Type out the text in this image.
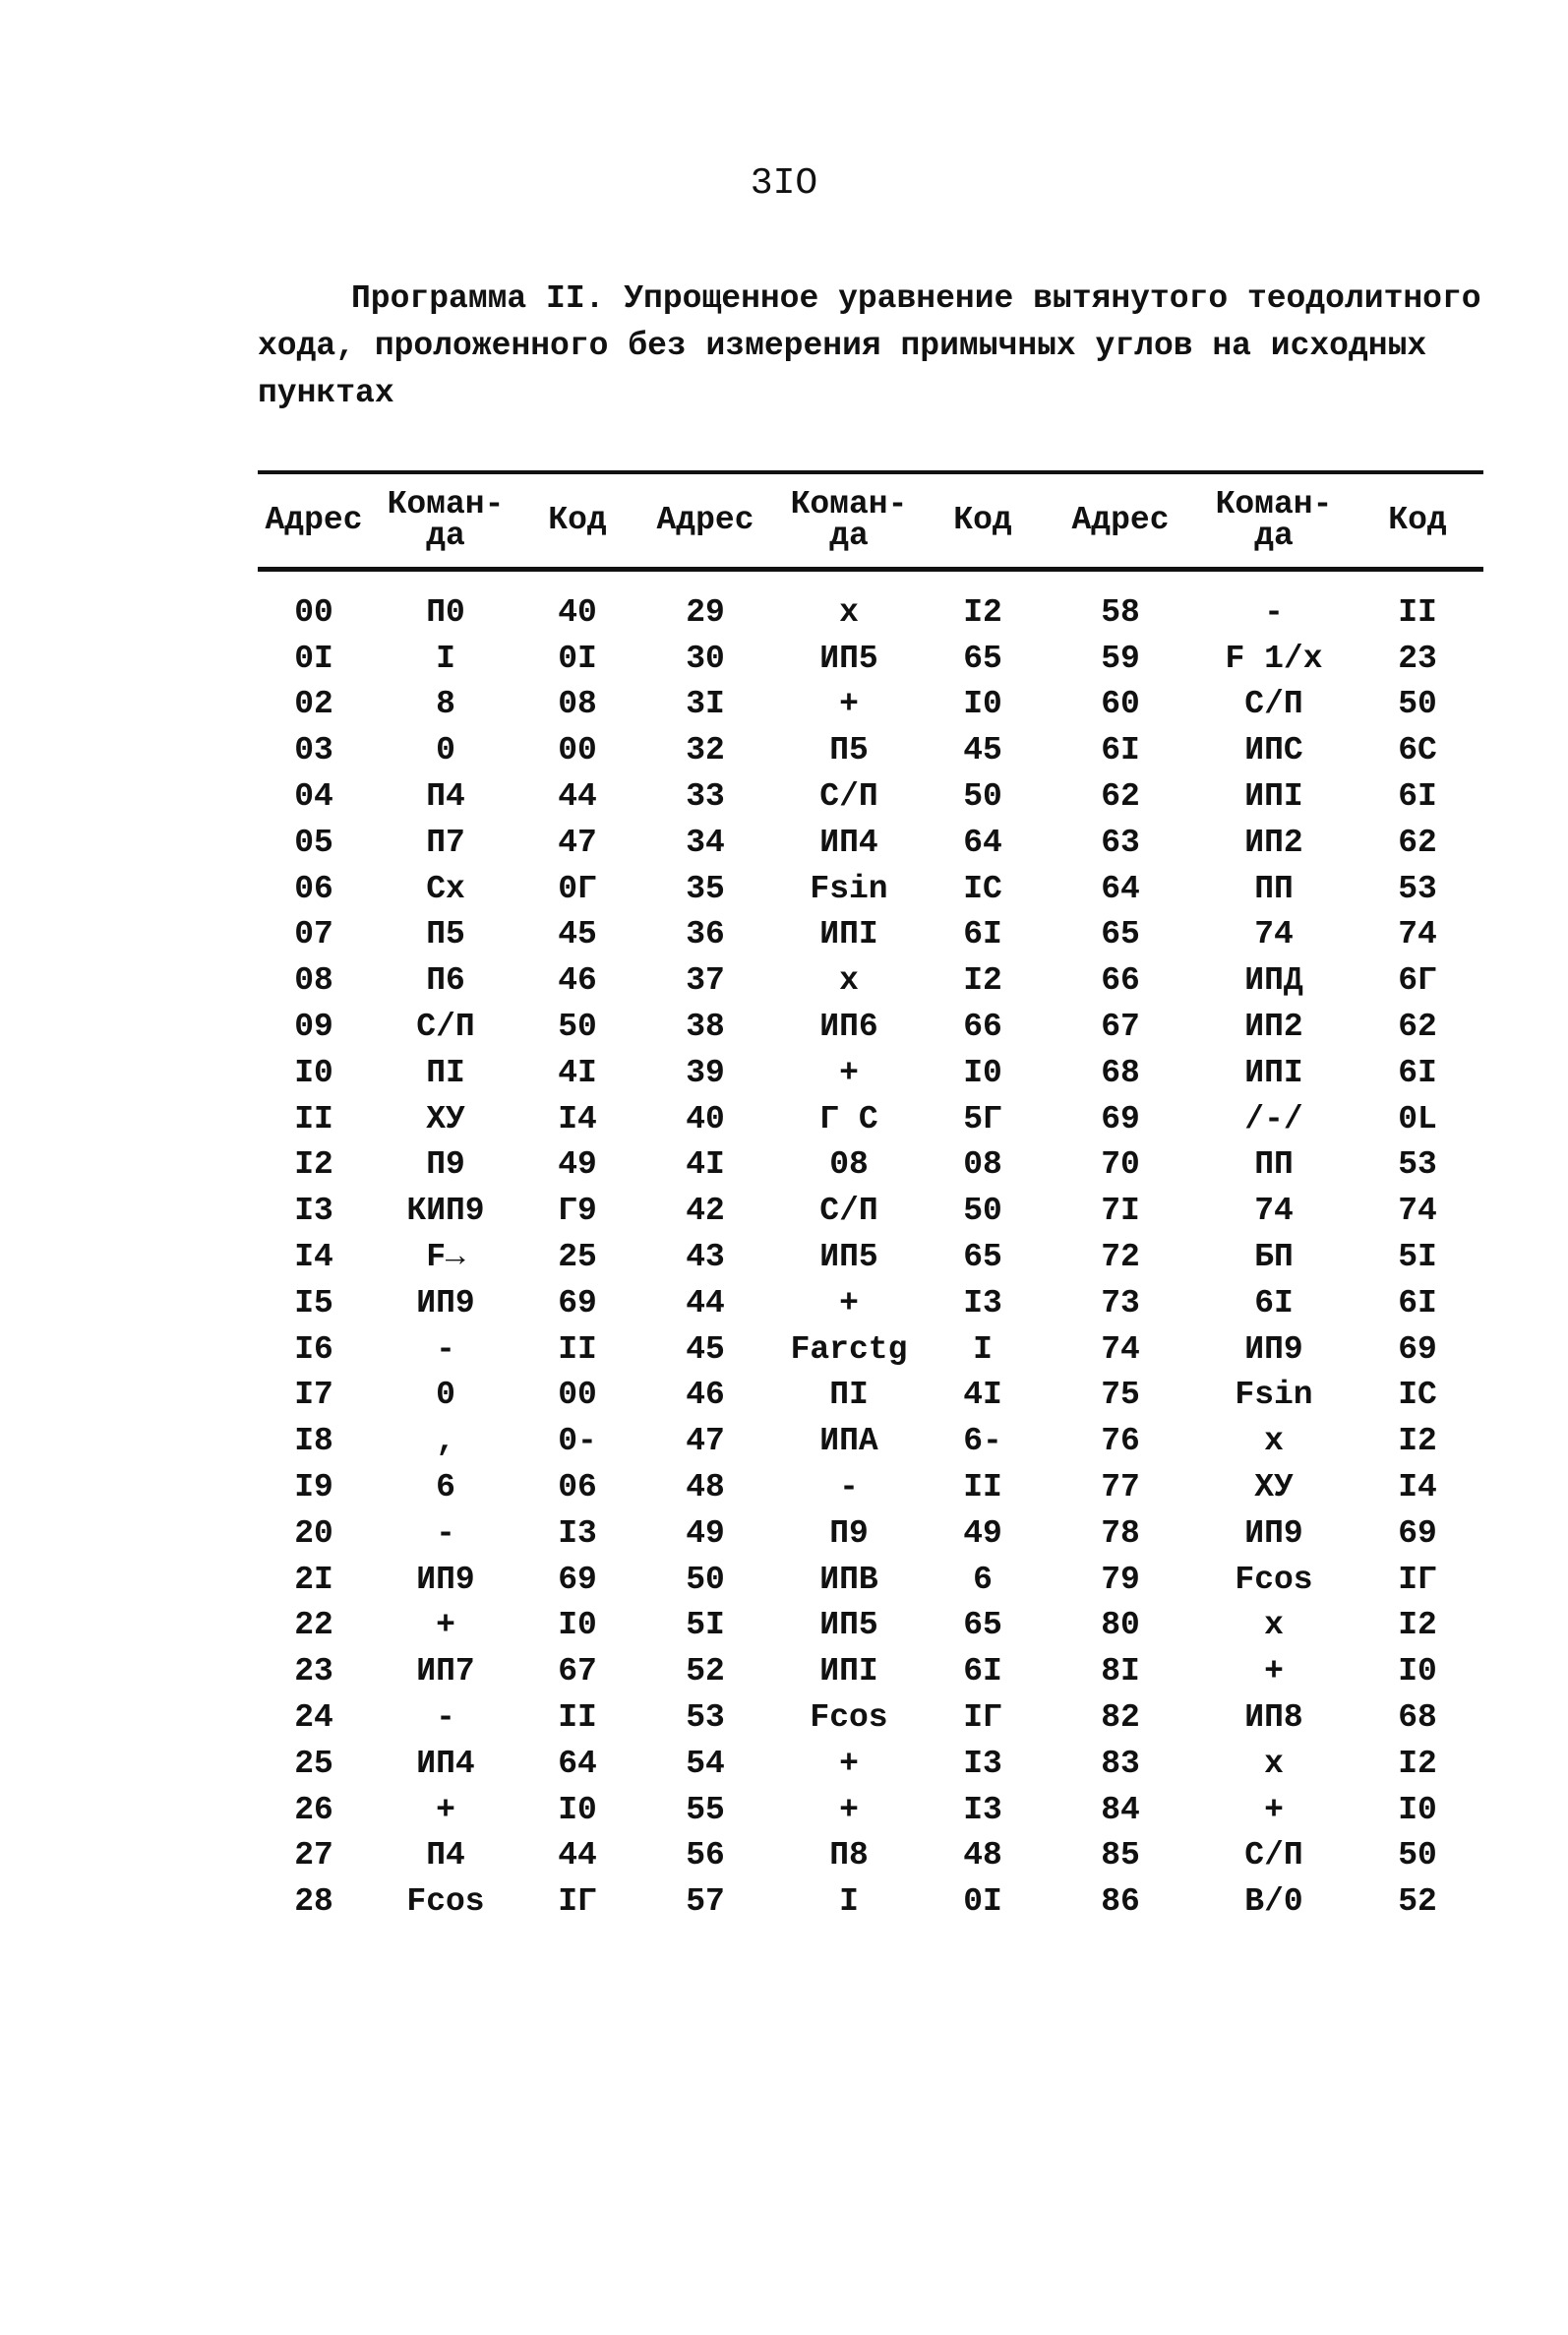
3IO
Программа II. Упрощенное уравнение вытянутого теодолитного
хода, проложенного без измерения примычных углов на исходных
пунктах
Адрес	Коман- да	Код	Адрес	Коман- да	Код	Адрес	Коман- да	Код

00	П0	40	29	x	I2	58	-	II
0I	I	0I	30	ИП5	65	59	F 1/x	23
02	8	08	3I	+	I0	60	С/П	50
03	0	00	32	П5	45	6I	ИПС	6С
04	П4	44	33	С/П	50	62	ИПI	6I
05	П7	47	34	ИП4	64	63	ИП2	62
06	Сх	0Г	35	Fsin	IС	64	ПП	53
07	П5	45	36	ИПI	6I	65	74	74
08	П6	46	37	x	I2	66	ИПД	6Г
09	С/П	50	38	ИП6	66	67	ИП2	62
I0	ПI	4I	39	+	I0	68	ИПI	6I
II	ХУ	I4	40	Г С	5Г	69	/-/	0L
I2	П9	49	4I	08	08	70	ПП	53
I3	КИП9	Г9	42	С/П	50	7I	74	74
I4	F→	25	43	ИП5	65	72	БП	5I
I5	ИП9	69	44	+	I3	73	6I	6I
I6	-	II	45	Farctg	I	74	ИП9	69
I7	0	00	46	ПI	4I	75	Fsin	IС
I8	,	0-	47	ИПА	6-	76	x	I2
I9	6	06	48	-	II	77	ХУ	I4
20	-	I3	49	П9	49	78	ИП9	69
2I	ИП9	69	50	ИПВ	6	79	Fcos	IГ
22	+	I0	5I	ИП5	65	80	x	I2
23	ИП7	67	52	ИПI	6I	8I	+	I0
24	-	II	53	Fcos	IГ	82	ИП8	68
25	ИП4	64	54	+	I3	83	x	I2
26	+	I0	55	+	I3	84	+	I0
27	П4	44	56	П8	48	85	С/П	50
28	Fcos	IГ	57	I	0I	86	В/0	52
